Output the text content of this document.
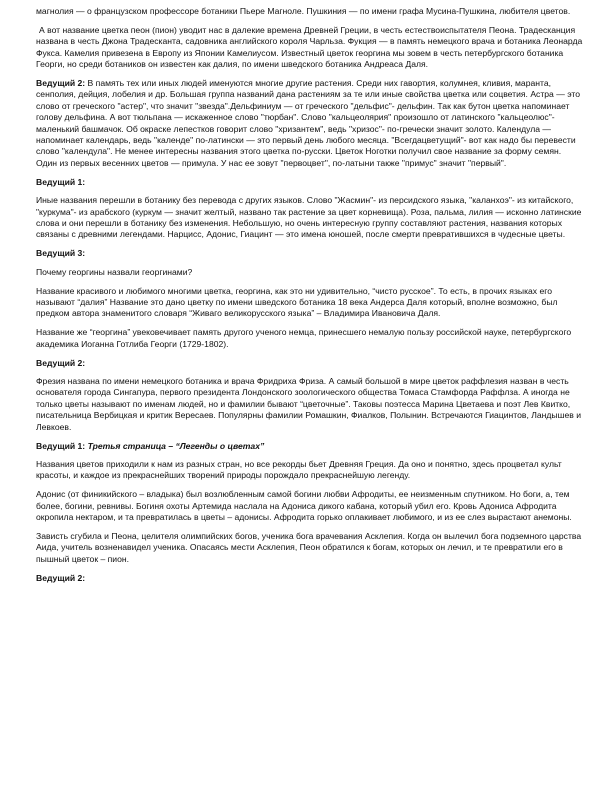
магнолия — о французском профессоре ботаники Пьере Магноле. Пушкиния — по имени графа Мусина-Пушкина, любителя цветов.

А вот название цветка пеон (пион) уводит нас в далекие времена Древней Греции, в честь естествоиспытателя Пеона. Традесканция названа в честь Джона Традесканта, садовника английского короля Чарльза. Фукция — в память немецкого врача и ботаника Леонарда Фукса. Камелия привезена в Европу из Японии Камелиусом. Известный цветок георгина мы зовем в честь петербургского ботаника Георги, но среди ботаников он известен как далия, по имени шведского ботаника Андреаса Даля.

Ведущий 2: В память тех или иных людей именуются многие другие растения. Среди них гавортия, колумнея, кливия, маранта, сенполия, дейция, лобелия и др. Большая группа названий дана растениям за те или иные свойства цветка или соцветия. Астра — это слово от греческого "астер", что значит "звезда".Дельфиниум — от греческого "дельфис"- дельфин. Так как бутон цветка напоминает голову дельфина. А вот тюльпана — искаженное слово "тюрбан". Слово "кальцеолярия" произошло от латинского "кальцеолюс"- маленький башмачок. Об окраске лепестков говорит слово "хризантем", ведь "хризос"- по-гречески значит золото. Календула — напоминает календарь, ведь "календе" по-латински — это первый день любого месяца. "Всегдацветущий"- вот как надо бы перевести слово "календула". Не менее интересны названия этого цветка по-русски. Цветок Ноготки получил свое название за форму семян. Один из первых весенних цветов — примула. У нас ее зовут "первоцвет", по-латыни также "примус" значит "первый".

Ведущий 1:

Иные названия перешли в ботанику без перевода с других языков. Слово "Жасмин"- из персидского языка, "каланхоэ"- из китайского, "куркума"- из арабского (куркум — значит желтый, названо так растение за цвет корневища). Роза, пальма, лилия — исконно латинские слова и они перешли в ботанику без изменения. Небольшую, но очень интересную группу составляют растения, названия которых связаны с древними легендами. Нарцисс, Адонис, Гиацинт — это имена юношей, после смерти превратившихся в чудесные цветы.

Ведущий 3:

Почему георгины назвали георгинами?

Название красивого и любимого многими цветка, георгина, как это ни удивительно, “чисто русское”. То есть, в прочих языках его называют “далия” Название это дано цветку по имени шведского ботаника 18 века Андерса Даля который, вполне возможно, был предком автора знаменитого словаря “Живаго великорусского языка” – Владимира Ивановича Даля.

Название же “георгина” увековечивает память другого ученого немца, принесшего немалую пользу российской науке, петербургского академика Иоганна Готлиба Георги (1729-1802).

Ведущий 2:

Фрезия названа по имени немецкого ботаника и врача Фридриха Фриза. А самый большой в мире цветок раффлезия назван в честь основателя города Сингапура, первого президента Лондонского зоологического общества Томаса Стамфорда Раффлза. А иногда не только цветы называют по именам людей, но и фамилии бывают “цветочные”. Таковы поэтесса Марина Цветаева и поэт Лев Квитко, писательница Вербицкая и критик Вересаев. Популярны фамилии Ромашкин, Фиалков, Полынин. Встречаются Гиацинтов, Ландышев и Левкоев.

Ведущий 1: Третья страница – “Легенды о цветах”

Названия цветов приходили к нам из разных стран, но все рекорды бьет Древняя Греция. Да оно и понятно, здесь процветал культ красоты, и каждое из прекраснейших творений природы порождало прекраснейшую легенду.

Адонис (от финикийского – владыка) был возлюбленным самой богини любви Афродиты, ее неизменным спутником. Но боги, а, тем более, богини, ревнивы. Богиня охоты Артемида наслала на Адониса дикого кабана, который убил его. Кровь Адониса Афродита окропила нектаром, и та превратилась в цветы – адонисы. Афродита горько оплакивает любимого, и из ее слез вырастают анемоны.

Зависть сгубила и Пеона, целителя олимпийских богов, ученика бога врачевания Асклепия. Когда он вылечил бога подземного царства Аида, учитель возненавидел ученика. Опасаясь мести Асклепия, Пеон обратился к богам, которых он лечил, и те превратили его в пышный цветок – пион.

Ведущий 2:
